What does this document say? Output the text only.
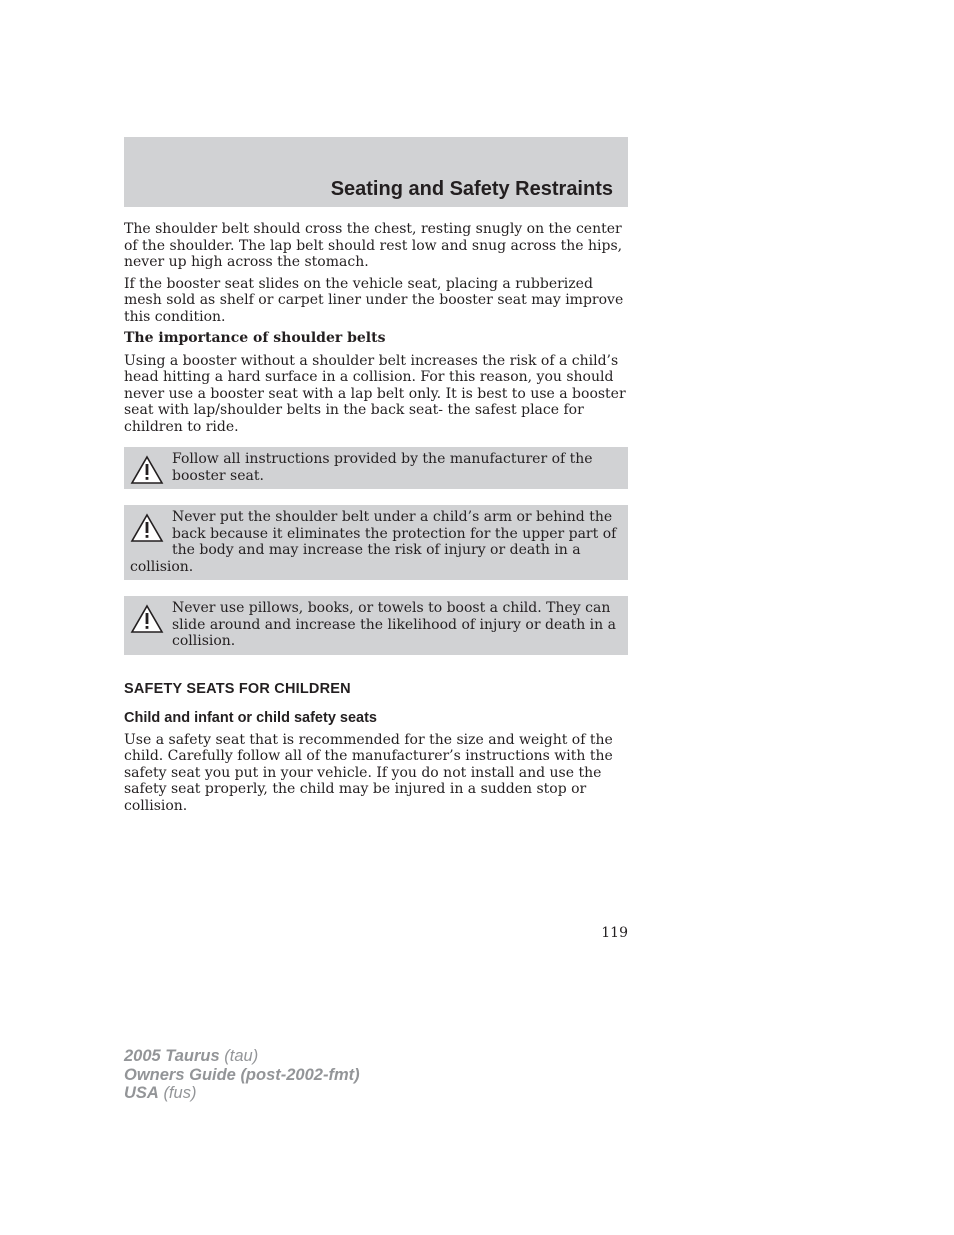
Seating and Safety Restraints

The shoulder belt should cross the chest, resting snugly on the center of the shoulder. The lap belt should rest low and snug across the hips, never up high across the stomach.

If the booster seat slides on the vehicle seat, placing a rubberized mesh sold as shelf or carpet liner under the booster seat may improve this condition.

The importance of shoulder belts

Using a booster without a shoulder belt increases the risk of a child’s head hitting a hard surface in a collision. For this reason, you should never use a booster seat with a lap belt only. It is best to use a booster seat with lap/shoulder belts in the back seat- the safest place for children to ride.

Follow all instructions provided by the manufacturer of the booster seat.

Never put the shoulder belt under a child’s arm or behind the back because it eliminates the protection for the upper part of the body and may increase the risk of injury or death in a collision.

Never use pillows, books, or towels to boost a child. They can slide around and increase the likelihood of injury or death in a collision.

SAFETY SEATS FOR CHILDREN
Child and infant or child safety seats

Use a safety seat that is recommended for the size and weight of the child. Carefully follow all of the manufacturer’s instructions with the safety seat you put in your vehicle. If you do not install and use the safety seat properly, the child may be injured in a sudden stop or collision.

119
2005 Taurus (tau)
Owners Guide (post-2002-fmt)
USA (fus)
